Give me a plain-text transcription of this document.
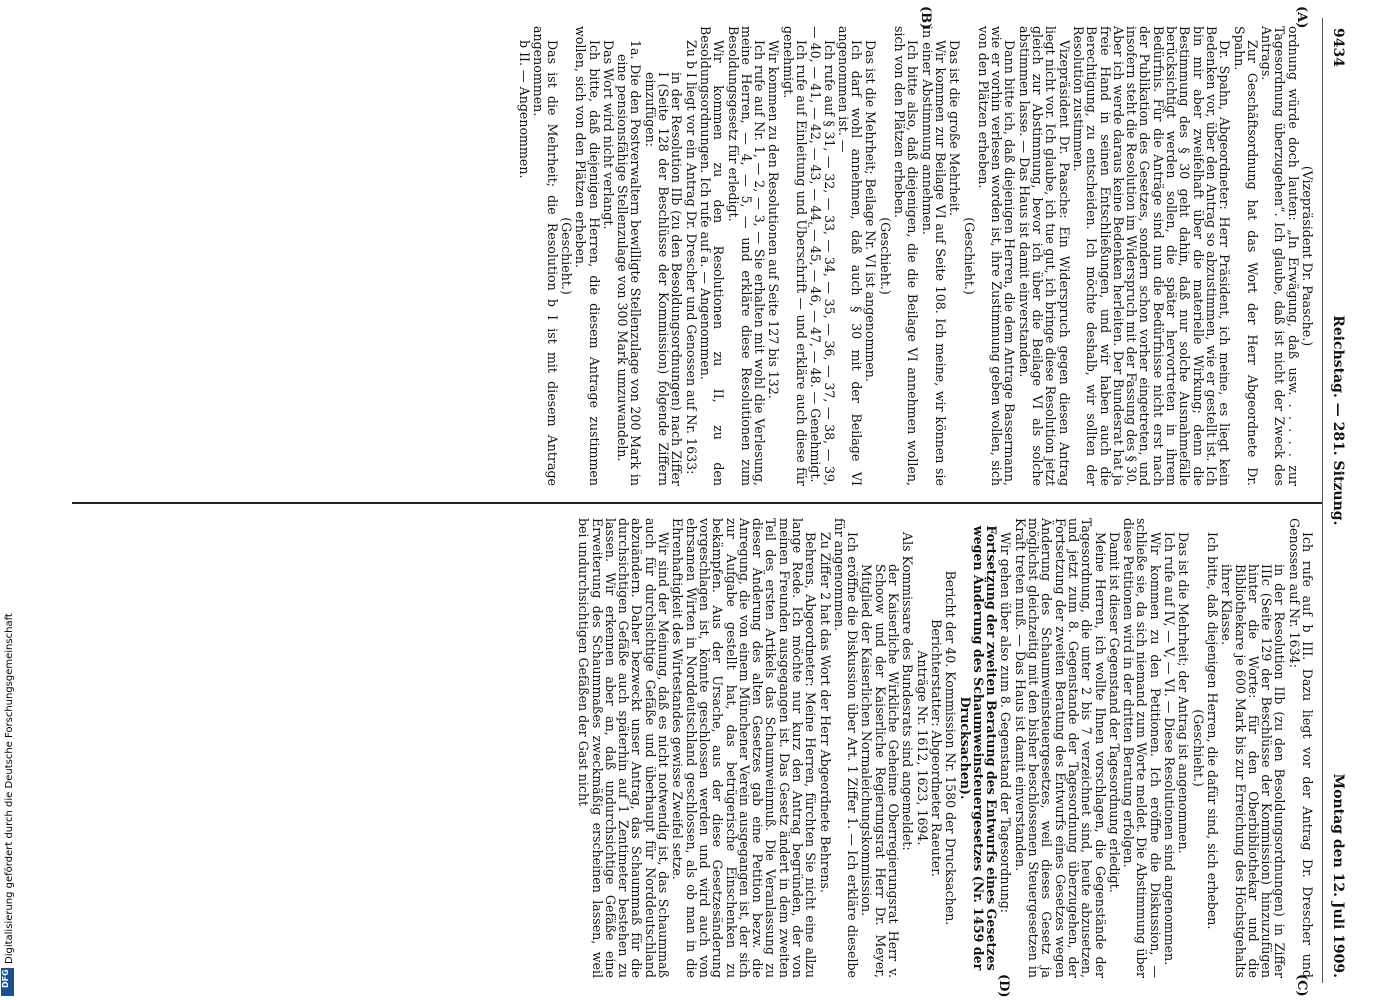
9434
Reichstag. — 281. Sitzung.
Montag den 12. Juli 1909.
(A)
(B)
(C)
(D)

(Vizepräsident Dr. Paasche.)

ordnung würde doch lauten: „In Erwägung, daß usw. . . . . . zur Tagesordnung überzugehen“. Ich glaube, daß ist nicht der Zweck des Antrags.

Zur Geschäftsordnung hat das Wort der Herr Abgeordnete Dr. Spahn.

Dr. Spahn, Abgeordneter: Herr Präsident, ich meine, es liegt kein Bedenken vor, über den Antrag so abzustimmen, wie er gestellt ist. Ich bin mir aber zweifelhaft über die materielle Wirkung; denn die Bestimmung des § 30 geht dahin, daß nur solche Ausnahmefälle berücksichtigt werden sollen, die später hervortreten in ihrem Bedürfnis. Für die Anträge sind nun die Bedürfnisse nicht erst nach der Publikation des Gesetzes, sondern schon vorher eingetreten, und insofern steht die Resolution im Widerspruch mit der Fassung des § 30. Aber ich werde daraus keine Bedenken herleiten. Der Bundesrat hat ja freie Hand in seinen Entschließungen, und wir haben auch die Berechtigung, zu entscheiden. Ich möchte deshalb, wir sollten der Resolution zustimmen.

Vizepräsident Dr. Paasche: Ein Widerspruch gegen diesen Antrag liegt nicht vor. Ich glaube, ich tue gut, ich bringe diese Resolution jetzt gleich zur Abstimmung, bevor ich über die Beilage VI als solche abstimmen lasse. — Das Haus ist damit einverstanden.

Dann bitte ich, daß diejenigen Herren, die dem Antrage Bassermann, wie er vorhin verlesen worden ist, ihre Zustimmung geben wollen, sich von den Plätzen erheben.

(Geschieht.)

Das ist die große Mehrheit.

Wir kommen zur Beilage VI auf Seite 108. Ich meine, wir können sie in einer Abstimmung annehmen.

Ich bitte also, daß diejenigen, die die Beilage VI annehmen wollen, sich von den Plätzen erheben.

(Geschieht.)

Das ist die Mehrheit; Beilage Nr. VI ist angenommen.

Ich darf wohl annehmen, daß auch § 30 mit der Beilage VI angenommen ist. —

Ich rufe auf § 31, — 32, — 33, — 34, — 35, — 36, — 37, — 38, — 39, — 40, — 41, — 42, — 43, — 44, — 45, — 46, — 47, — 48. — Genehmigt.

Ich rufe auf Einleitung und Überschrift — und erkläre auch diese für genehmigt.

Wir kommen zu den Resolutionen auf Seite 127 bis 132.

Ich rufe auf Nr. 1, — 2, — 3, — Sie erhalten mit wohl die Verlesung, meine Herren, — 4, — 5, — und erkläre diese Resolutionen zum Besoldungsgesetz für erledigt.

Wir kommen zu den Resolutionen zu II, zu den Besoldungsordnungen. Ich rufe auf a. — Angenommen.

Zu b I liegt vor ein Antrag Dr. Drescher und Genossen auf Nr. 1633:

in der Resolution IIb (zu den Besoldungsordnungen) nach Ziffer I (Seite 128 der Beschlüsse der Kommission) folgende Ziffern einzufügen:

1a. Die den Postverwaltern bewilligte Stellenzulage von 200 Mark in eine pensionsfähige Stellenzulage von 300 Mark umzuwandeln.

Das Wort wird nicht verlangt.

Ich bitte, daß diejenigen Herren, die diesem Antrage zustimmen wollen, sich von den Plätzen erheben.

(Geschieht.)

Das ist die Mehrheit; die Resolution b I ist mit diesem Antrage angenommen.

b II. — Angenommen.

Ich rufe auf b III. Dazu liegt vor der Antrag Dr. Drescher und Genossen auf Nr. 1634:

in der Resolution IIb (zu den Besoldungsordnungen) in Ziffer IIIc (Seite 129 der Beschlüsse der Kommission) hinzuzufügen hinter die Worte: für den Oberbibliothekar und die Bibliothekare je 600 Mark bis zur Erreichung des Höchstgehalts ihrer Klasse.

Ich bitte, daß diejenigen Herren, die dafür sind, sich erheben.

(Geschieht.)

Das ist die Mehrheit; der Antrag ist angenommen.

Ich rufe auf IV, — V, — VI. — Diese Resolutionen sind angenommen.

Wir kommen zu den Petitionen. Ich eröffne die Diskussion, — schließe sie, da sich niemand zum Worte meldet. Die Abstimmung über diese Petitionen wird in der dritten Beratung erfolgen.

Damit ist dieser Gegenstand der Tagesordnung erledigt.

Meine Herren, ich wollte Ihnen vorschlagen, die Gegenstände der Tagesordnung, die unter 2 bis 7 verzeichnet sind, heute abzusetzen, und jetzt zum 8. Gegenstande der Tagesordnung überzugehen, der Fortsetzung der zweiten Beratung des Entwurfs eines Gesetzes wegen Änderung des Schaumweinsteuergesetzes, weil dieses Gesetz ja möglichst gleichzeitig mit den bisher beschlossenen Steuergesetzen in Kraft treten muß. — Das Haus ist damit einverstanden.

Wir gehen über also zum 8. Gegenstand der Tagesordnung:

Fortsetzung der zweiten Beratung des Entwurfs eines Gesetzes wegen Änderung des Schaumweinsteuergesetzes (Nr. 1459 der Drucksachen).

Bericht der 40. Kommission Nr. 1580 der Drucksachen.

Berichterstatter: Abgeordneter Raeuter.

Anträge Nr. 1612, 1623, 1694.

Als Kommissare des Bundesrats sind angemeldet:

der Kaiserliche Wirkliche Geheime Oberregierungsrat Herr v. Schoow und der Kaiserliche Regierungsrat Herr Dr. Meyer, Mitglied der Kaiserlichen Normaleichungskommission.

Ich eröffne die Diskussion über Art. 1 Ziffer 1. — Ich erkläre dieselbe für angenommen.

Zu Ziffer 2 hat das Wort der Herr Abgeordnete Behrens.

Behrens, Abgeordneter: Meine Herren, fürchten Sie nicht eine allzu lange Rede. Ich möchte nur kurz den Antrag begründen, der von meinen Freunden ausgegangen ist. Das Gesetz ändert in dem zweiten Teil des ersten Artikels das Schaumweinmuß. Die Veranlassung zu dieser Änderung des alten Gesetzes gab eine Petition bezw. die Anregung, die von einem Münchener Verein ausgegangen ist, der sich zur Aufgabe gestellt hat, das betrügerische Einschenken zu bekämpfen. Aus der Ursache, aus der diese Gesetzesänderung vorgeschlagen ist, könnte geschlossen werden und wird auch von ehrsamen Wirten in Norddeutschland geschlossen, als ob man in die Ehrenhaftigkeit des Wirtestandes gewisse Zweifel setze.

Wir sind der Meinung, daß es nicht notwendig ist, das Schaummaß auch für durchsichtige Gefäße und überhaupt für Norddeutschland abzuändern. Daher bezweckt unser Antrag, das Schaummaß für die durchsichtigen Gefäße auch späterhin auf 1 Zentimeter bestehen zu lassen. Wir erkennen aber an, daß undurchsichtige Gefäße eine Erweiterung des Schaummaßes zweckmäßig erscheinen lassen, weil bei undurchsichtigen Gefäßen der Gast nicht

Digitalisierung gefördert durch die Deutsche Forschungsgemeinschaft
DFG
